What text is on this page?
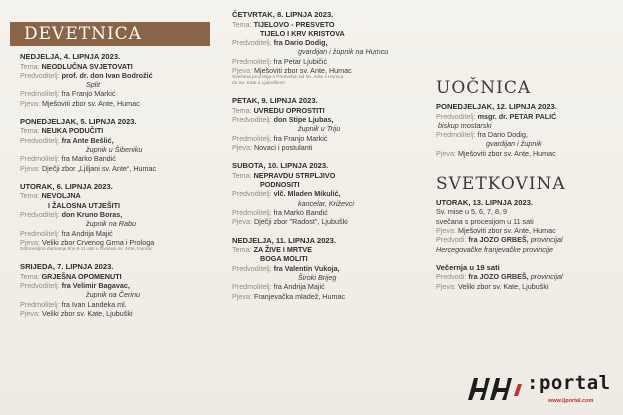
DEVETNICA
NEDJELJA, 4. LIPNJA 2023.
Tema: NEODLUČNA SVJETOVATI
Predvoditelj: prof. dr. don Ivan Bodrožić
Split
Predmolitelj: fra Franjo Markić
Pjeva: Mješoviti zbor sv. Ante, Humac
PONEDJELJAK, 5. LIPNJA 2023.
Tema: NEUKA PODUČITI
Predvoditelj: fra Ante Bešlić,
župnik u Šibeniku
Predmolitelj: fra Marko Bandić
Pjeva: Dječji zbor „Ljiljani sv. Ante“, Humac
UTORAK, 6. LIPNJA 2023.
Tema: NEVOLJNA
I ŽALOSNA UTJEŠITI
Predvoditelj: don Kruno Boras,
župnik na Rabu
Predmolitelj: fra Andrija Majić
Pjeva: Veliki zbor Crvenog Grma i Prologa
Dobrovoljno darivanje krvi 9-11 sati u Dvorani sv. Ante, Humac
SRIJEDA, 7. LIPNJA 2023.
Tema: GRJEŠNA OPOMENUTI
Predvoditelj: fra Velimir Bagavac,
župnik na Čerinu
Predmolitelj: fra Ivan Landeka ml.
Pjeva: Veliki zbor sv. Kate, Ljubuški
ČETVRTAK, 8. LIPNJA 2023.
Tema: TIJELOVO - PRESVETO
TIJELO I KRV KRISTOVA
Predvoditelj: fra Dario Dodig,
gvardijan i župnik na Humcu
Predmolitelj: fra Petar Ljubičić
Pjeva: Mješoviti zbor sv. Ante, Humac
Svečana procesija s Presvetim od Sv. Ante s Humca
do Sv. Kate u Ljubuškom
PETAK, 9. LIPNJA 2023.
Tema: UVREDU OPROSTITI
Predvoditelj: don Stipe Ljubas,
župnik u Triju
Predmolitelj: fra Franjo Markić
Pjeva: Novaci i postulanti
SUBOTA, 10. LIPNJA 2023.
Tema: NEPRAVDU STRPLJIVO
PODNOSITI
Predvoditelj: vlč. Mladen Mikulić,
kancelar, Križevci
Predmolitelj: fra Marko Bandić
Pjeva: Dječji zbor "Radost", Ljubuški
NEDJELJA, 11. LIPNJA 2023.
Tema: ZA ŽIVE I MRTVE
BOGA MOLITI
Predvoditelj: fra Valentin Vukoja,
Široki Brijeg
Predmolitelj: fra Andrija Majić
Pjeva: Franjevačka mladež, Humac
UOČNICA
PONEDJELJAK, 12. LIPNJA 2023.
Predvoditelj: msgr. dr. PETAR PALIĆ
biskup mostarski
Predmolitelj: fra Dario Dodig,
gvardijan i župnik
Pjeva: Mješoviti zbor sv. Ante, Humac
SVETKOVINA
UTORAK, 13. LIPNJA 2023.
Sv. mise u 5, 6, 7, 8, 9
svečana s procesijom u 11 sati
Pjeva: Mješoviti zbor sv. Ante, Humac
Predvodi: fra JOZO GRBEŠ, provincijal
Hercegovačke franjevačke provincije
Večernja u 19 sati
Predvodi: fra JOZO GRBEŠ, provincijal
Pjeva: Veliki zbor sv. Kate, Ljubuški
:portal
www.ljportal.com
